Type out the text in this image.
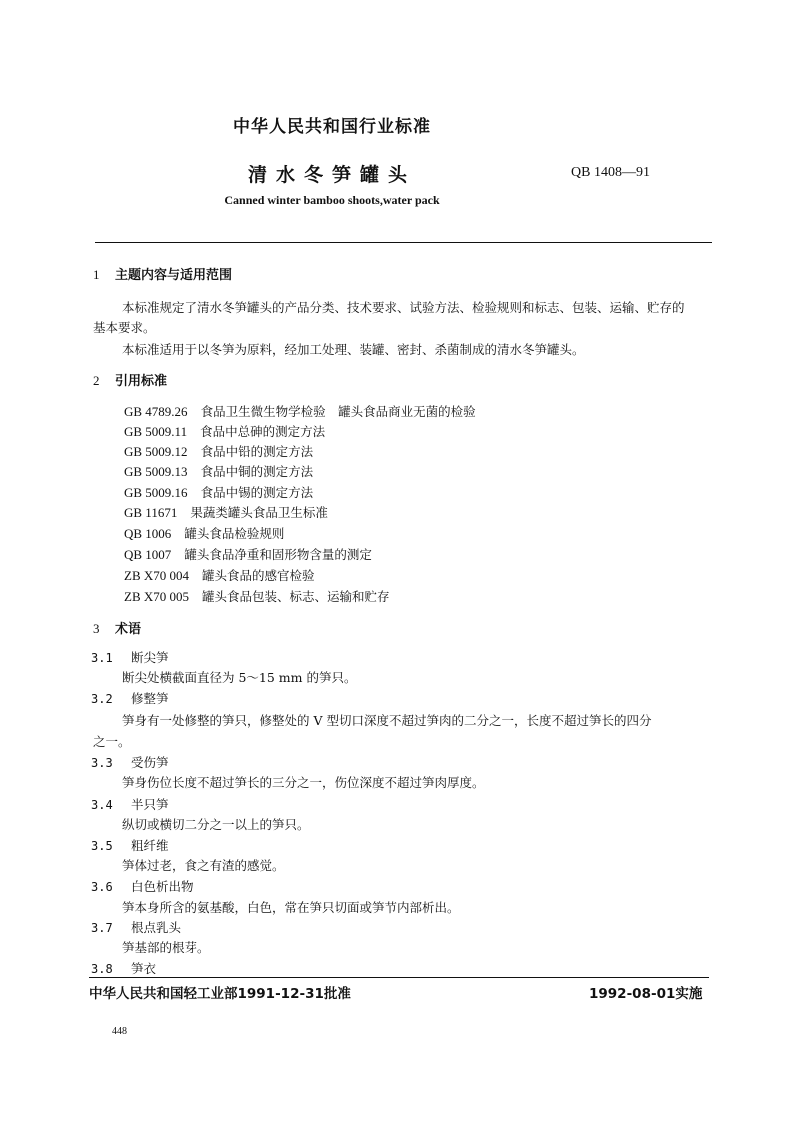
中华人民共和国行业标准
清水冬笋罐头	QB 1408—91
Canned winter bamboo shoots,water pack
1 主题内容与适用范围
本标准规定了清水冬笋罐头的产品分类、技术要求、试验方法、检验规则和标志、包装、运输、贮存的
基本要求。
本标准适用于以冬笋为原料，经加工处理、装罐、密封、杀菌制成的清水冬笋罐头。
2 引用标准
GB 4789.26 食品卫生微生物学检验　罐头食品商业无菌的检验
GB 5009.11 食品中总砷的测定方法
GB 5009.12 食品中铅的测定方法
GB 5009.13 食品中铜的测定方法
GB 5009.16 食品中锡的测定方法
GB 11671 果蔬类罐头食品卫生标准
QB 1006 罐头食品检验规则
QB 1007 罐头食品净重和固形物含量的测定
ZB X70 004 罐头食品的感官检验
ZB X70 005 罐头食品包装、标志、运输和贮存
3 术语
3.1 断尖笋
断尖处横截面直径为 5～15 mm 的笋只。
3.2 修整笋
笋身有一处修整的笋只，修整处的 V 型切口深度不超过笋肉的二分之一，长度不超过笋长的四分
之一。
3.3 受伤笋
笋身伤位长度不超过笋长的三分之一，伤位深度不超过笋肉厚度。
3.4 半只笋
纵切或横切二分之一以上的笋只。
3.5 粗纤维
笋体过老，食之有渣的感觉。
3.6 白色析出物
笋本身所含的氨基酸，白色，常在笋只切面或笋节内部析出。
3.7 根点乳头
笋基部的根芽。
3.8 笋衣
中华人民共和国轻工业部1991-12-31批准	1992-08-01实施
448
